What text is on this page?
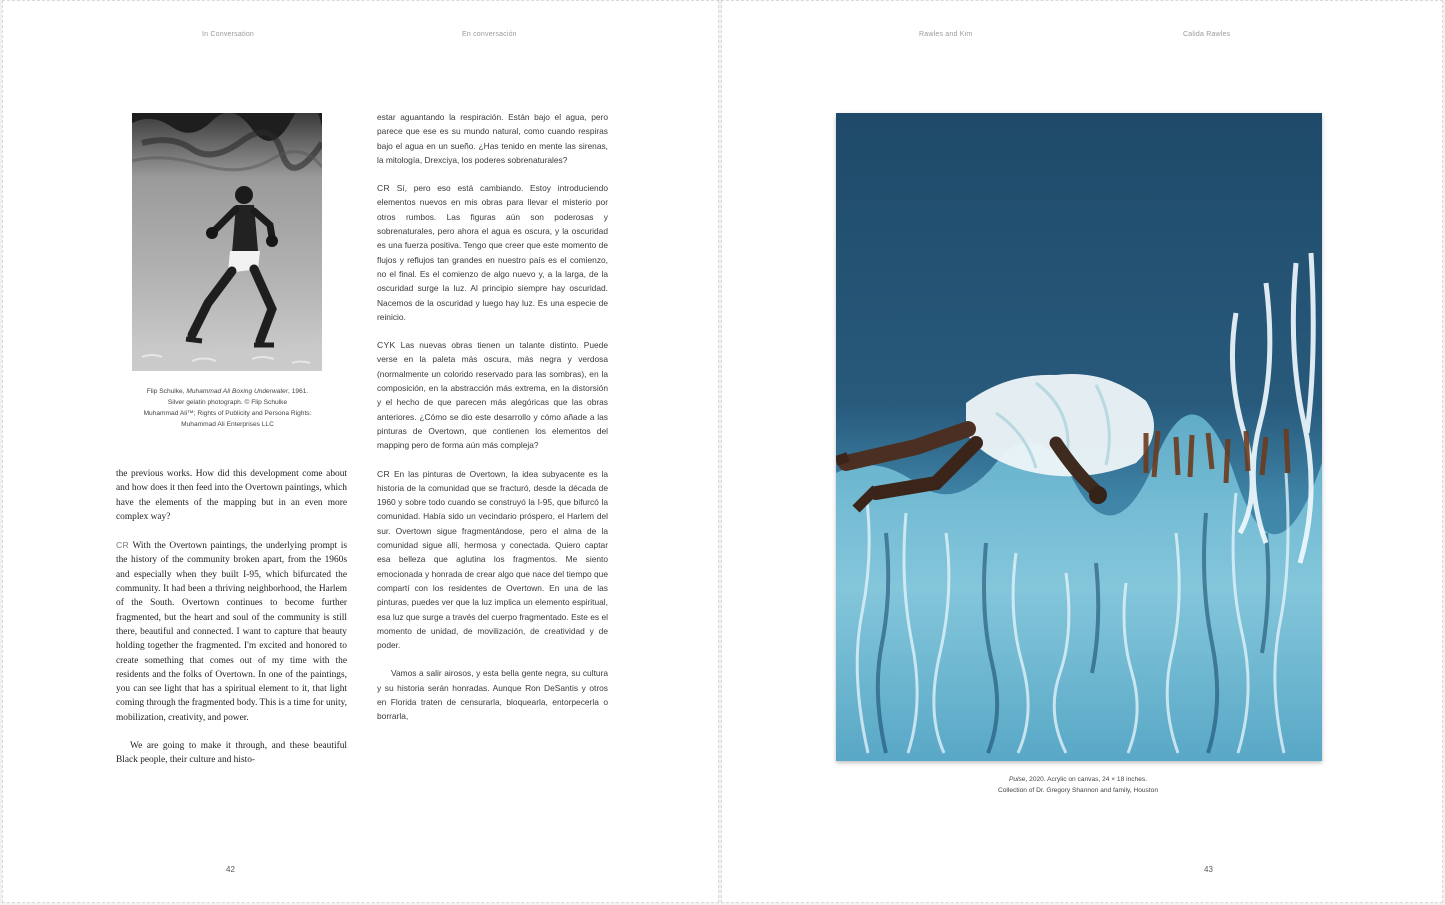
In Conversation	En conversación

Flip Schulke, Muhammad Ali Boxing Underwater, 1961.

Silver gelatin photograph. © Flip Schulke

Muhammad Ali™; Rights of Publicity and Persona Rights:

Muhammad Ali Enterprises LLC

the previous works. How did this development come about and how does it then feed into the Overtown paintings, which have the elements of the mapping but in an even more complex way?

CR With the Overtown paintings, the underlying prompt is the history of the community broken apart, from the 1960s and especially when they built I-95, which bifurcated the community. It had been a thriving neighborhood, the Harlem of the South. Overtown continues to become further fragmented, but the heart and soul of the community is still there, beautiful and connected. I want to capture that beauty holding together the fragmented. I'm excited and honored to create something that comes out of my time with the residents and the folks of Overtown. In one of the paintings, you can see light that has a spiritual element to it, that light coming through the fragmented body. This is a time for unity, mobilization, creativity, and power.

We are going to make it through, and these beautiful Black people, their culture and histo-

estar aguantando la respiración. Están bajo el agua, pero parece que ese es su mundo natural, como cuando respiras bajo el agua en un sueño. ¿Has tenido en mente las sirenas, la mitología, Drexciya, los poderes sobrenaturales?

CR Sí, pero eso está cambiando. Estoy introduciendo elementos nuevos en mis obras para llevar el misterio por otros rumbos. Las figuras aún son poderosas y sobrenaturales, pero ahora el agua es oscura, y la oscuridad es una fuerza positiva. Tengo que creer que este momento de flujos y reflujos tan grandes en nuestro país es el comienzo, no el final. Es el comienzo de algo nuevo y, a la larga, de la oscuridad surge la luz. Al principio siempre hay oscuridad. Nacemos de la oscuridad y luego hay luz. Es una especie de reinicio.

CYK Las nuevas obras tienen un talante distinto. Puede verse en la paleta más oscura, más negra y verdosa (normalmente un colorido reservado para las sombras), en la composición, en la abstracción más extrema, en la distorsión y el hecho de que parecen más alegóricas que las obras anteriores. ¿Cómo se dio este desarrollo y cómo añade a las pinturas de Overtown, que contienen los elementos del mapping pero de forma aún más compleja?

CR En las pinturas de Overtown, la idea subyacente es la historia de la comunidad que se fracturó, desde la década de 1960 y sobre todo cuando se construyó la I-95, que bifurcó la comunidad. Había sido un vecindario próspero, el Harlem del sur. Overtown sigue fragmentándose, pero el alma de la comunidad sigue allí, hermosa y conectada. Quiero captar esa belleza que aglutina los fragmentos. Me siento emocionada y honrada de crear algo que nace del tiempo que compartí con los residentes de Overtown. En una de las pinturas, puedes ver que la luz implica un elemento espiritual, esa luz que surge a través del cuerpo fragmentado. Este es el momento de unidad, de movilización, de creatividad y de poder.

Vamos a salir airosos, y esta bella gente negra, su cultura y su historia serán honradas. Aunque Ron DeSantis y otros en Florida traten de censurarla, bloquearla, entorpecerla o borrarla,

42
Rawles and Kim	Calida Rawles

Pulse, 2020. Acrylic on canvas, 24 × 18 inches.

Collection of Dr. Gregory Shannon and family, Houston

43
